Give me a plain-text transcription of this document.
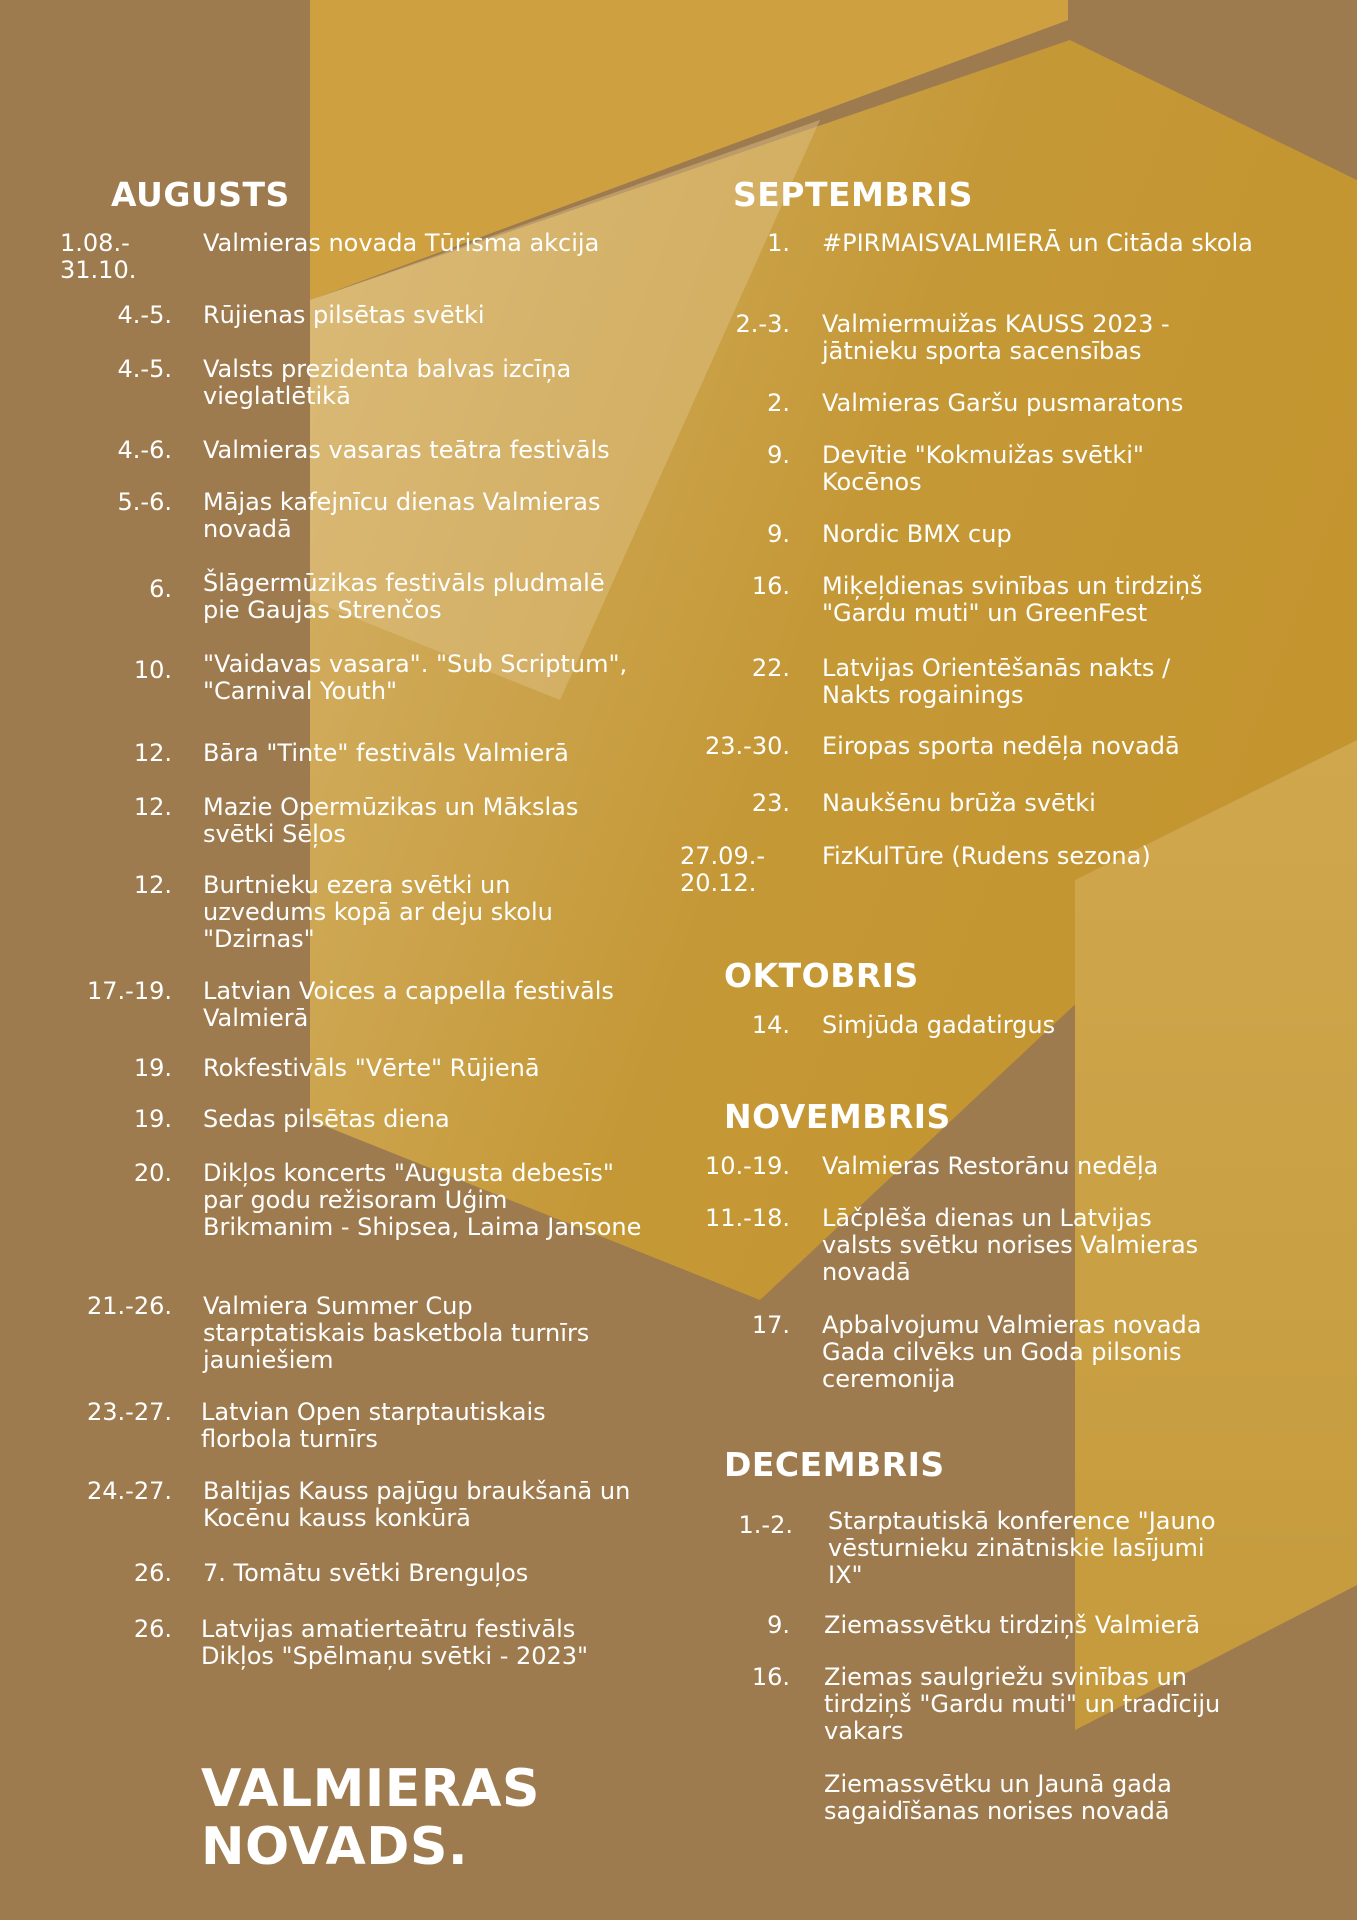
AUGUSTS
1.08.-
31.10.
Valmieras novada Tūrisma akcija
4.-5. Rūjienas pilsētas svētki
4.-5. Valsts prezidenta balvas izcīņa vieglatlētikā
4.-6. Valmieras vasaras teātra festivāls
5.-6. Mājas kafejnīcu dienas Valmieras novadā
6. Šlāgermūzikas festivāls pludmalē pie Gaujas Strenčos
10. "Vaidavas vasara". "Sub Scriptum", "Carnival Youth"
12. Bāra "Tinte" festivāls Valmierā
12. Mazie Opermūzikas un Mākslas svētki Sēļos
12. Burtnieku ezera svētki un uzvedums kopā ar deju skolu "Dzirnas"
17.-19. Latvian Voices a cappella festivāls Valmierā
19. Rokfestivāls "Vērte" Rūjienā
19. Sedas pilsētas diena
20. Dikļos koncerts "Augusta debesīs" par godu režisoram Uģim Brikmanim - Shipsea, Laima Jansone
21.-26. Valmiera Summer Cup starptatiskais basketbola turnīrs jauniešiem
23.-27. Latvian Open starptautiskais florbola turnīrs
24.-27. Baltijas Kauss pajūgu braukšanā un Kocēnu kauss konkūrā
26. 7. Tomātu svētki Brenguļos
26. Latvijas amatierteātru festivāls Dikļos "Spēlmaņu svētki - 2023"
SEPTEMBRIS
1. #PIRMAISVALMIERĀ un Citāda skola
2.-3. Valmiermuižas KAUSS 2023 - jātnieku sporta sacensības
2. Valmieras Garšu pusmaratons
9. Devītie "Kokmuižas svētki" Kocēnos
9. Nordic BMX cup
16. Miķeļdienas svinības un tirdziņš "Gardu muti" un GreenFest
22. Latvijas Orientēšanās nakts / Nakts rogainings
23.-30. Eiropas sporta nedēļa novadā
23. Naukšēnu brūža svētki
27.09.-
20.12.
FizKulTūre (Rudens sezona)
OKTOBRIS
14. Simjūda gadatirgus
NOVEMBRIS
10.-19. Valmieras Restorānu nedēļa
11.-18. Lāčplēša dienas un Latvijas valsts svētku norises Valmieras novadā
17. Apbalvojumu Valmieras novada Gada cilvēks un Goda pilsonis ceremonija
DECEMBRIS
1.-2. Starptautiskā konference "Jauno vēsturnieku zinātniskie lasījumi IX"
9. Ziemassvētku tirdziņš Valmierā
16. Ziemas saulgriežu svinības un tirdziņš "Gardu muti" un tradīciju vakars
Ziemassvētku un Jaunā gada sagaidīšanas norises novadā
VALMIERAS
NOVADS.
